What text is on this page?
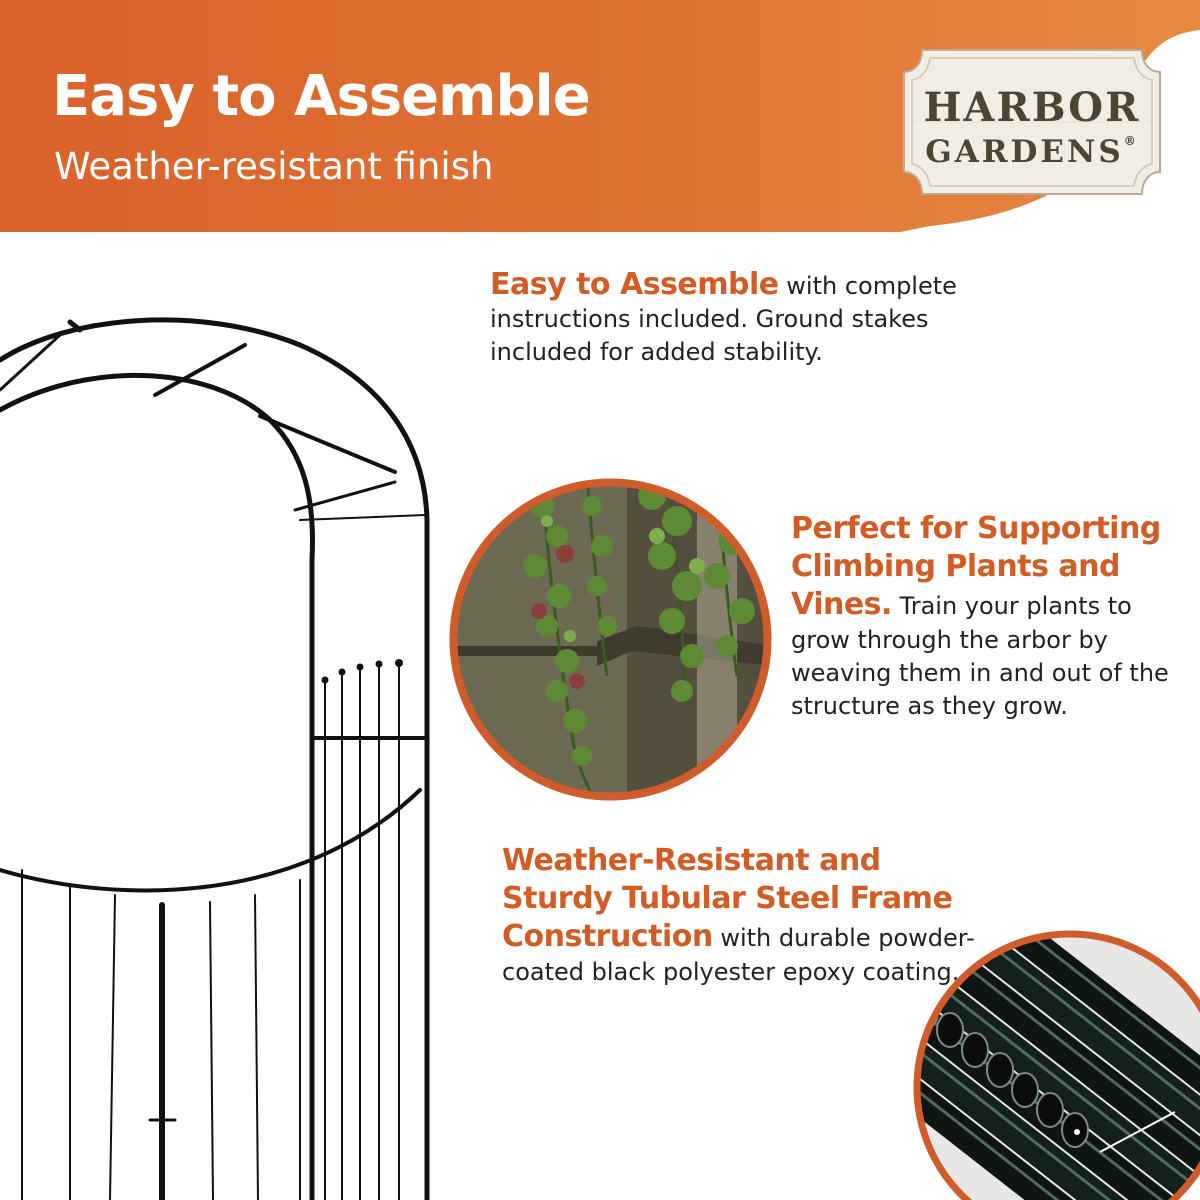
Easy to Assemble

Weather-resistant finish

HARBOR
GARDENS®
Easy to Assemble with complete instructions included. Ground stakes included for added stability.
Perfect for Supporting Climbing Plants and Vines. Train your plants to grow through the arbor by weaving them in and out of the structure as they grow.
Weather-Resistant and Sturdy Tubular Steel Frame Construction with durable powder-coated black polyester epoxy coating.
